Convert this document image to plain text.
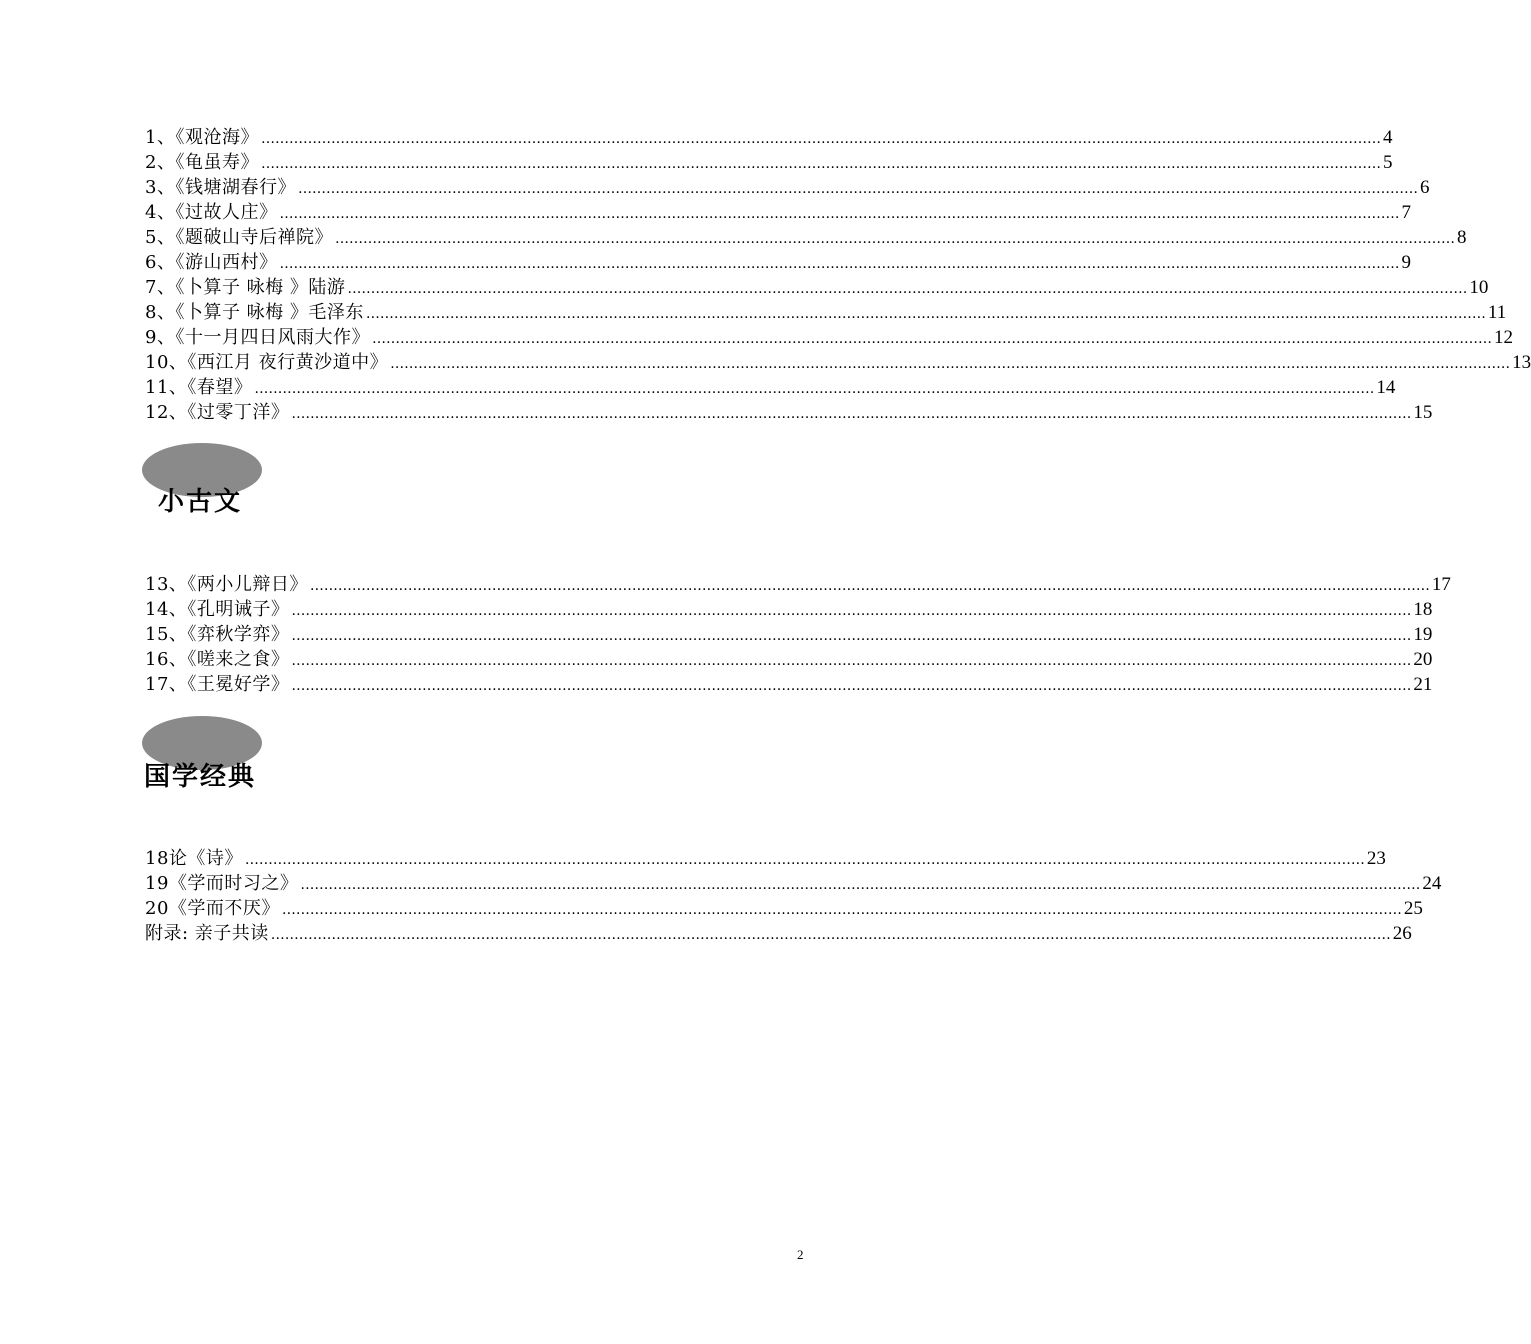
1、《观沧海》 …………………………………………………………………………………………………………………………………………………………………………………………………………………… 4
2、《龟虽寿》 …………………………………………………………………………………………………………………………………………………………………………………………………………………… 5
3、《钱塘湖春行》 …………………………………………………………………………………………………………………………………………………………………………………………………………………… 6
4、《过故人庄》 …………………………………………………………………………………………………………………………………………………………………………………………………………………… 7
5、《题破山寺后禅院》 …………………………………………………………………………………………………………………………………………………………………………………………………………………… 8
6、《游山西村》 …………………………………………………………………………………………………………………………………………………………………………………………………………………… 9
7、《卜算子 咏梅 》陆游 …………………………………………………………………………………………………………………………………………………………………………………………………………………… 10
8、《卜算子 咏梅 》毛泽东 …………………………………………………………………………………………………………………………………………………………………………………………………………………… 11
9、《十一月四日风雨大作》 …………………………………………………………………………………………………………………………………………………………………………………………………………………… 12
10、《西江月 夜行黄沙道中》 …………………………………………………………………………………………………………………………………………………………………………………………………………………… 13
11、《春望》 …………………………………………………………………………………………………………………………………………………………………………………………………………………… 14
12、《过零丁洋》 …………………………………………………………………………………………………………………………………………………………………………………………………………………… 15
小古文
13、《两小儿辩日》 …………………………………………………………………………………………………………………………………………………………………………………………………………………… 17
14、《孔明诫子》 …………………………………………………………………………………………………………………………………………………………………………………………………………………… 18
15、《弈秋学弈》 …………………………………………………………………………………………………………………………………………………………………………………………………………………… 19
16、《嗟来之食》 …………………………………………………………………………………………………………………………………………………………………………………………………………………… 20
17、《王冕好学》 …………………………………………………………………………………………………………………………………………………………………………………………………………………… 21
国学经典
18论《诗》 …………………………………………………………………………………………………………………………………………………………………………………………………………………… 23
19《学而时习之》 …………………………………………………………………………………………………………………………………………………………………………………………………………………… 24
20《学而不厌》 …………………………………………………………………………………………………………………………………………………………………………………………………………………… 25
附录: 亲子共读 …………………………………………………………………………………………………………………………………………………………………………………………………………………… 26
2
